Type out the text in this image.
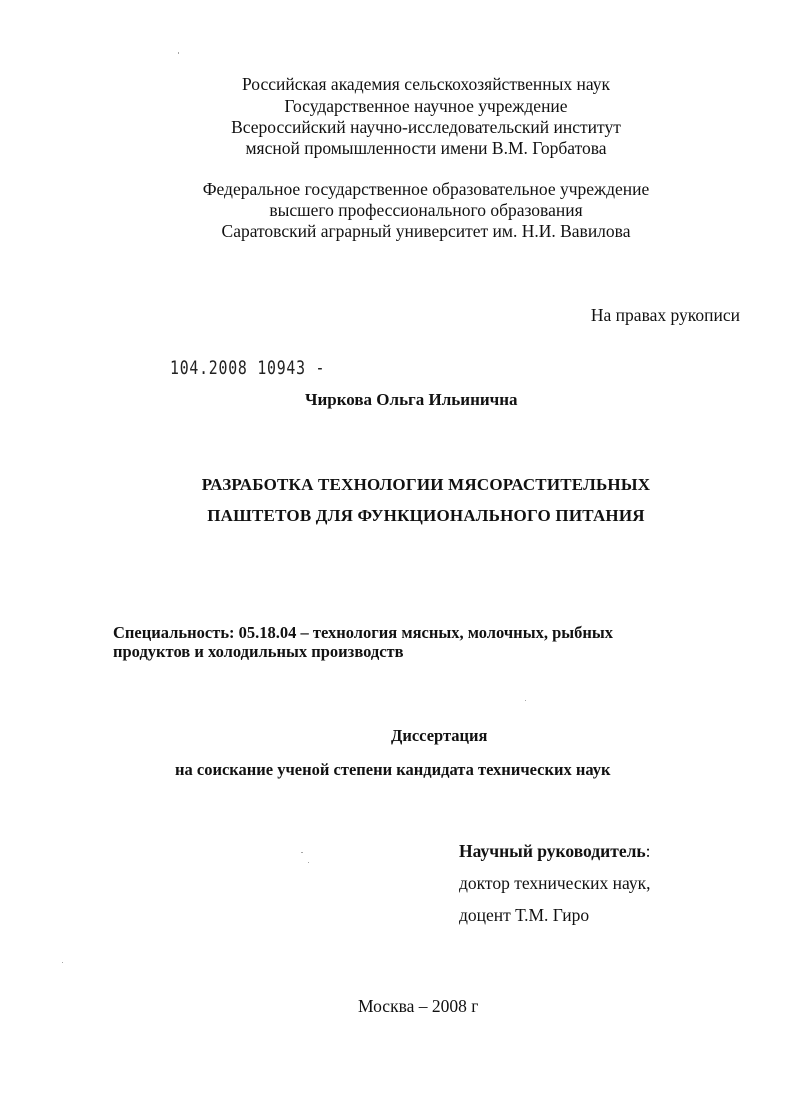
Российская академия сельскохозяйственных наук
Государственное научное учреждение
Всероссийский научно-исследовательский институт
мясной промышленности имени В.М. Горбатова
Федеральное государственное образовательное учреждение
высшего профессионального образования
Саратовский аграрный университет им. Н.И. Вавилова
На правах рукописи
104.2008 10943 -
Чиркова Ольга Ильинична
РАЗРАБОТКА ТЕХНОЛОГИИ МЯСОРАСТИТЕЛЬНЫХ
ПАШТЕТОВ ДЛЯ ФУНКЦИОНАЛЬНОГО ПИТАНИЯ
Специальность: 05.18.04 – технология мясных, молочных, рыбных
продуктов и холодильных производств
Диссертация
на соискание ученой степени кандидата технических наук
Научный руководитель:
доктор технических наук,
доцент Т.М. Гиро
Москва – 2008 г
